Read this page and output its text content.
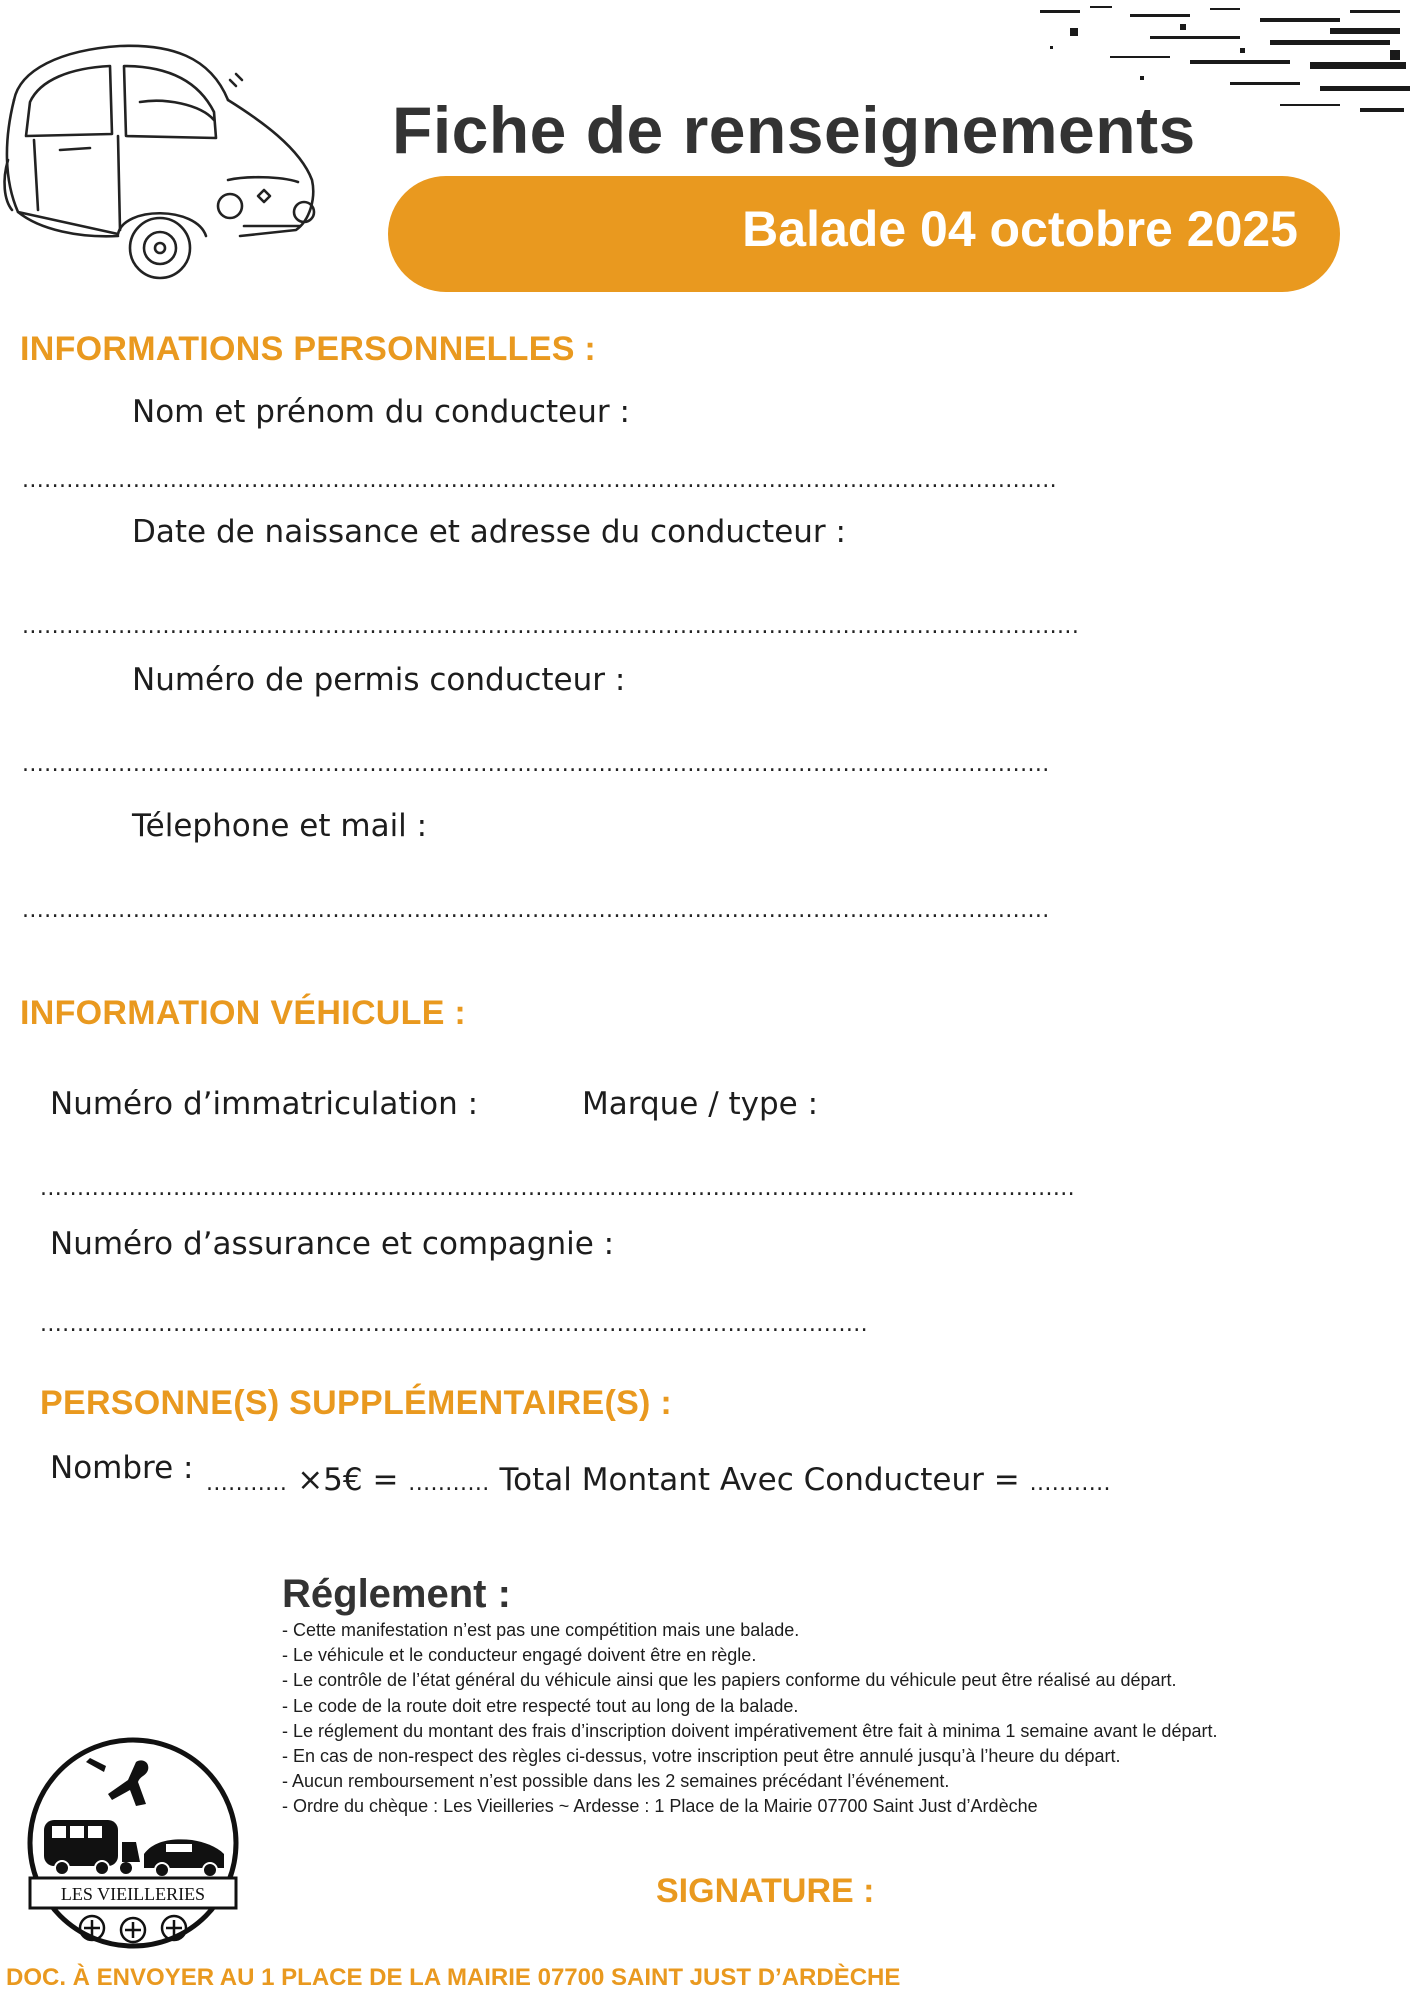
Fiche de renseignements
Balade 04 octobre 2025
INFORMATIONS PERSONNELLES :
Nom et prénom du conducteur :
............................................................................................................................................
Date de naissance et adresse du conducteur :
...............................................................................................................................................
Numéro de permis conducteur :
...........................................................................................................................................
Télephone et mail :
...........................................................................................................................................
INFORMATION VÉHICULE :
Numéro d’immatriculation :	Marque / type :
............................................................................................................................................
Numéro d’assurance et compagnie :
................................................................................................................
PERSONNE(S) SUPPLÉMENTAIRE(S) :
Nombre : ........... ×5€ = ........... Total Montant Avec Conducteur = ...........
Réglement :
- Cette manifestation n’est pas une compétition mais une balade.
- Le véhicule et le conducteur engagé doivent être en règle.
- Le contrôle de l’état général du véhicule ainsi que les papiers conforme du véhicule peut être réalisé au départ.
- Le code de la route doit etre respecté tout au long de la balade.
- Le réglement du montant des frais d’inscription doivent impérativement être fait à minima 1 semaine avant le départ.
- En cas de non-respect des règles ci-dessus, votre inscription peut être annulé jusqu’à l’heure du départ.
- Aucun remboursement n’est possible dans les 2 semaines précédant l’événement.
- Ordre du chèque : Les Vieilleries ~ Ardesse : 1 Place de la Mairie 07700 Saint Just d’Ardèche
LES VIEILLERIES	SIGNATURE :
DOC. À ENVOYER AU 1 PLACE DE LA MAIRIE 07700 SAINT JUST D’ARDÈCHE
